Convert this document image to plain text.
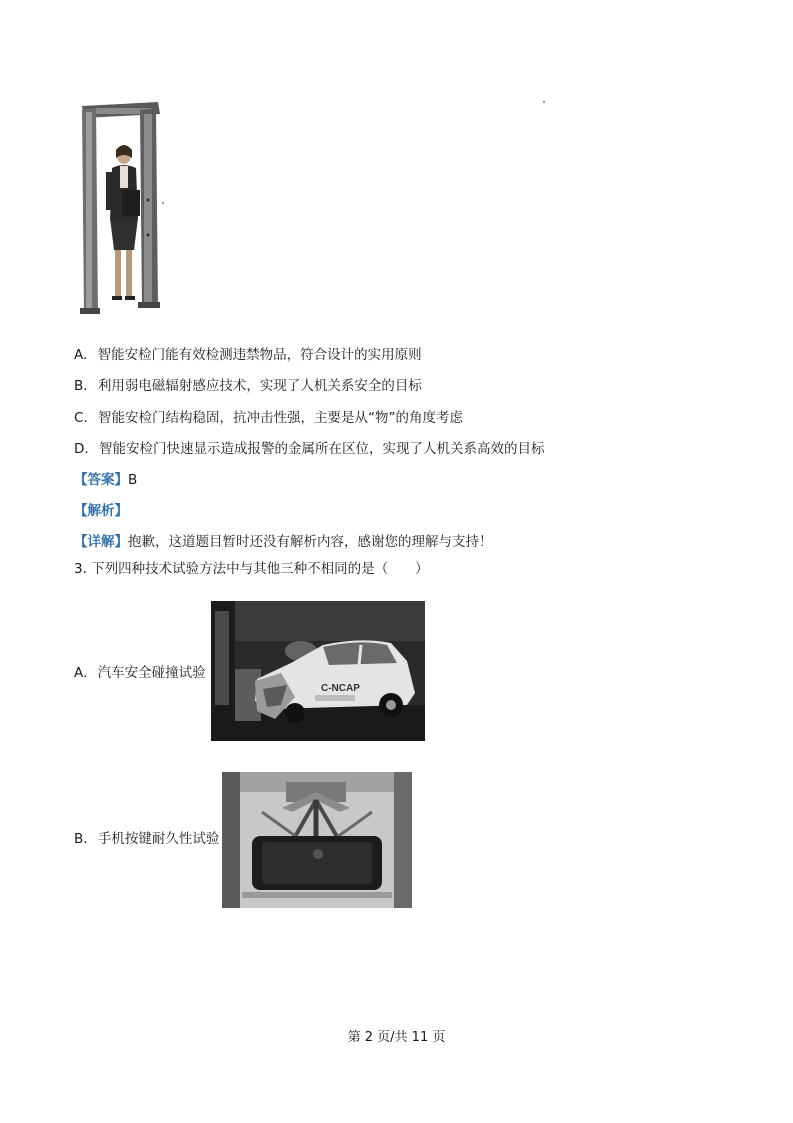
A. 智能安检门能有效检测违禁物品，符合设计的实用原则
B. 利用弱电磁辐射感应技术，实现了人机关系安全的目标
C. 智能安检门结构稳固，抗冲击性强，主要是从“物”的角度考虑
D. 智能安检门快速显示造成报警的金属所在区位，实现了人机关系高效的目标
【答案】B
【解析】
【详解】抱歉，这道题目暂时还没有解析内容，感谢您的理解与支持！
3. 下列四种技术试验方法中与其他三种不相同的是（　　）
A. 汽车安全碰撞试验
C-NCAP
B. 手机按键耐久性试验
第 2 页/共 11 页
